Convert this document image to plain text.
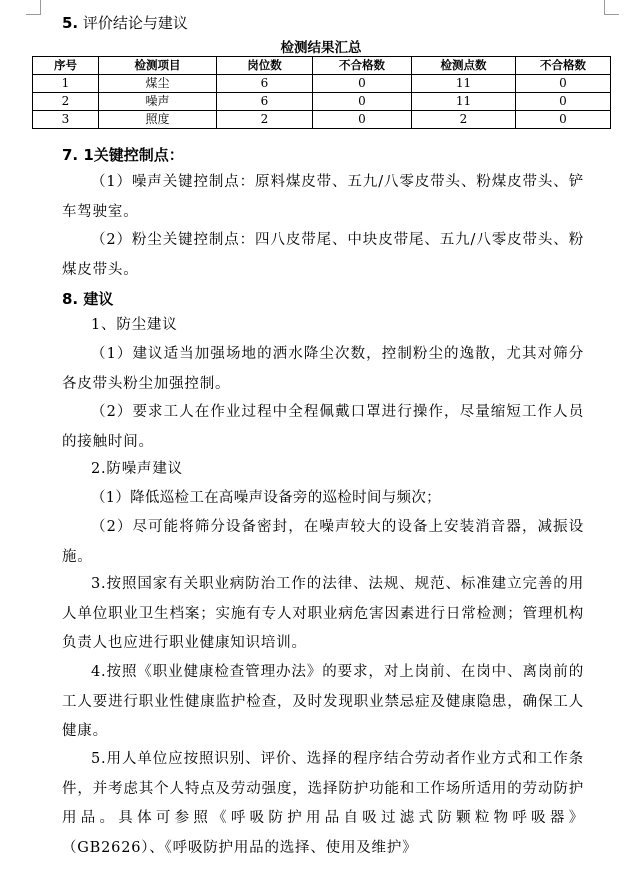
5. 评价结论与建议
检测结果汇总
序号	检测项目	岗位数	不合格数	检测点数	不合格数
1	煤尘	6	0	11	0
2	噪声	6	0	11	0
3	照度	2	0	2	0
7. 1关键控制点：

（1）噪声关键控制点：原料煤皮带、五九/八零皮带头、粉煤皮带头、铲车驾驶室。

（2）粉尘关键控制点：四八皮带尾、中块皮带尾、五九/八零皮带头、粉煤皮带头。

8. 建议

1、防尘建议

（1）建议适当加强场地的洒水降尘次数，控制粉尘的逸散，尤其对筛分各皮带头粉尘加强控制。

（2）要求工人在作业过程中全程佩戴口罩进行操作，尽量缩短工作人员的接触时间。

2.防噪声建议

（1）降低巡检工在高噪声设备旁的巡检时间与频次；

（2）尽可能将筛分设备密封，在噪声较大的设备上安装消音器，减振设施。

3.按照国家有关职业病防治工作的法律、法规、规范、标准建立完善的用人单位职业卫生档案；实施有专人对职业病危害因素进行日常检测；管理机构负责人也应进行职业健康知识培训。

4.按照《职业健康检查管理办法》的要求，对上岗前、在岗中、离岗前的工人要进行职业性健康监护检查，及时发现职业禁忌症及健康隐患，确保工人健康。

5.用人单位应按照识别、评价、选择的程序结合劳动者作业方式和工作条件，并考虑其个人特点及劳动强度，选择防护功能和工作场所适用的劳动防护用品。具体可参照《呼吸防护用品自吸过滤式防颗粒物呼吸器》（GB2626）、《呼吸防护用品的选择、使用及维护》
